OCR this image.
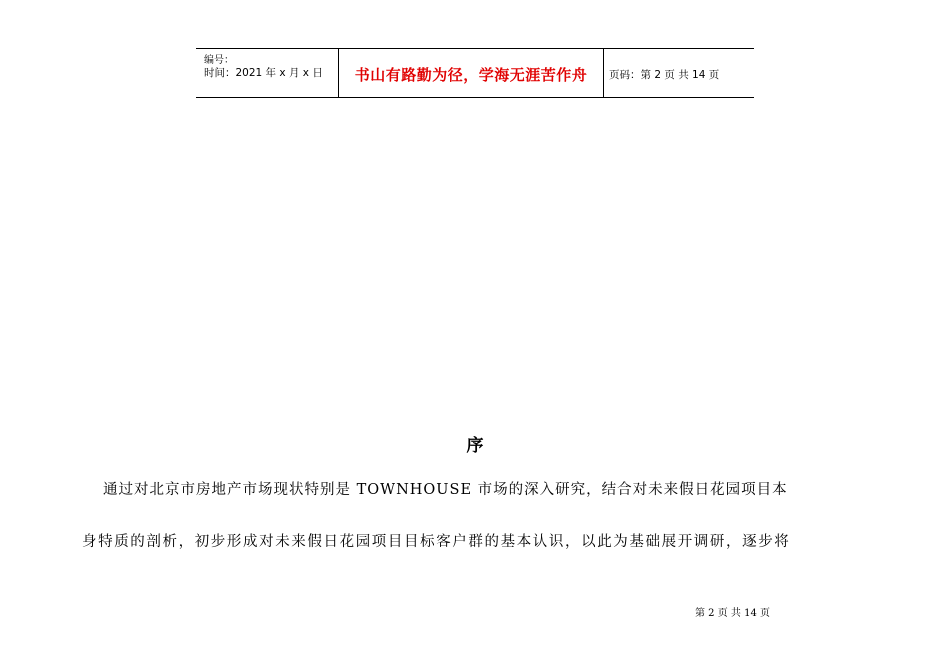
编号：
时间：2021 年 x 月 x 日	书山有路勤为径，学海无涯苦作舟	页码：第 2 页 共 14 页
序
通过对北京市房地产市场现状特别是 TOWNHOUSE 市场的深入研究，结合对未来假日花园项目本
身特质的剖析，初步形成对未来假日花园项目目标客户群的基本认识，以此为基础展开调研，逐步将
第 2 页 共 14 页
